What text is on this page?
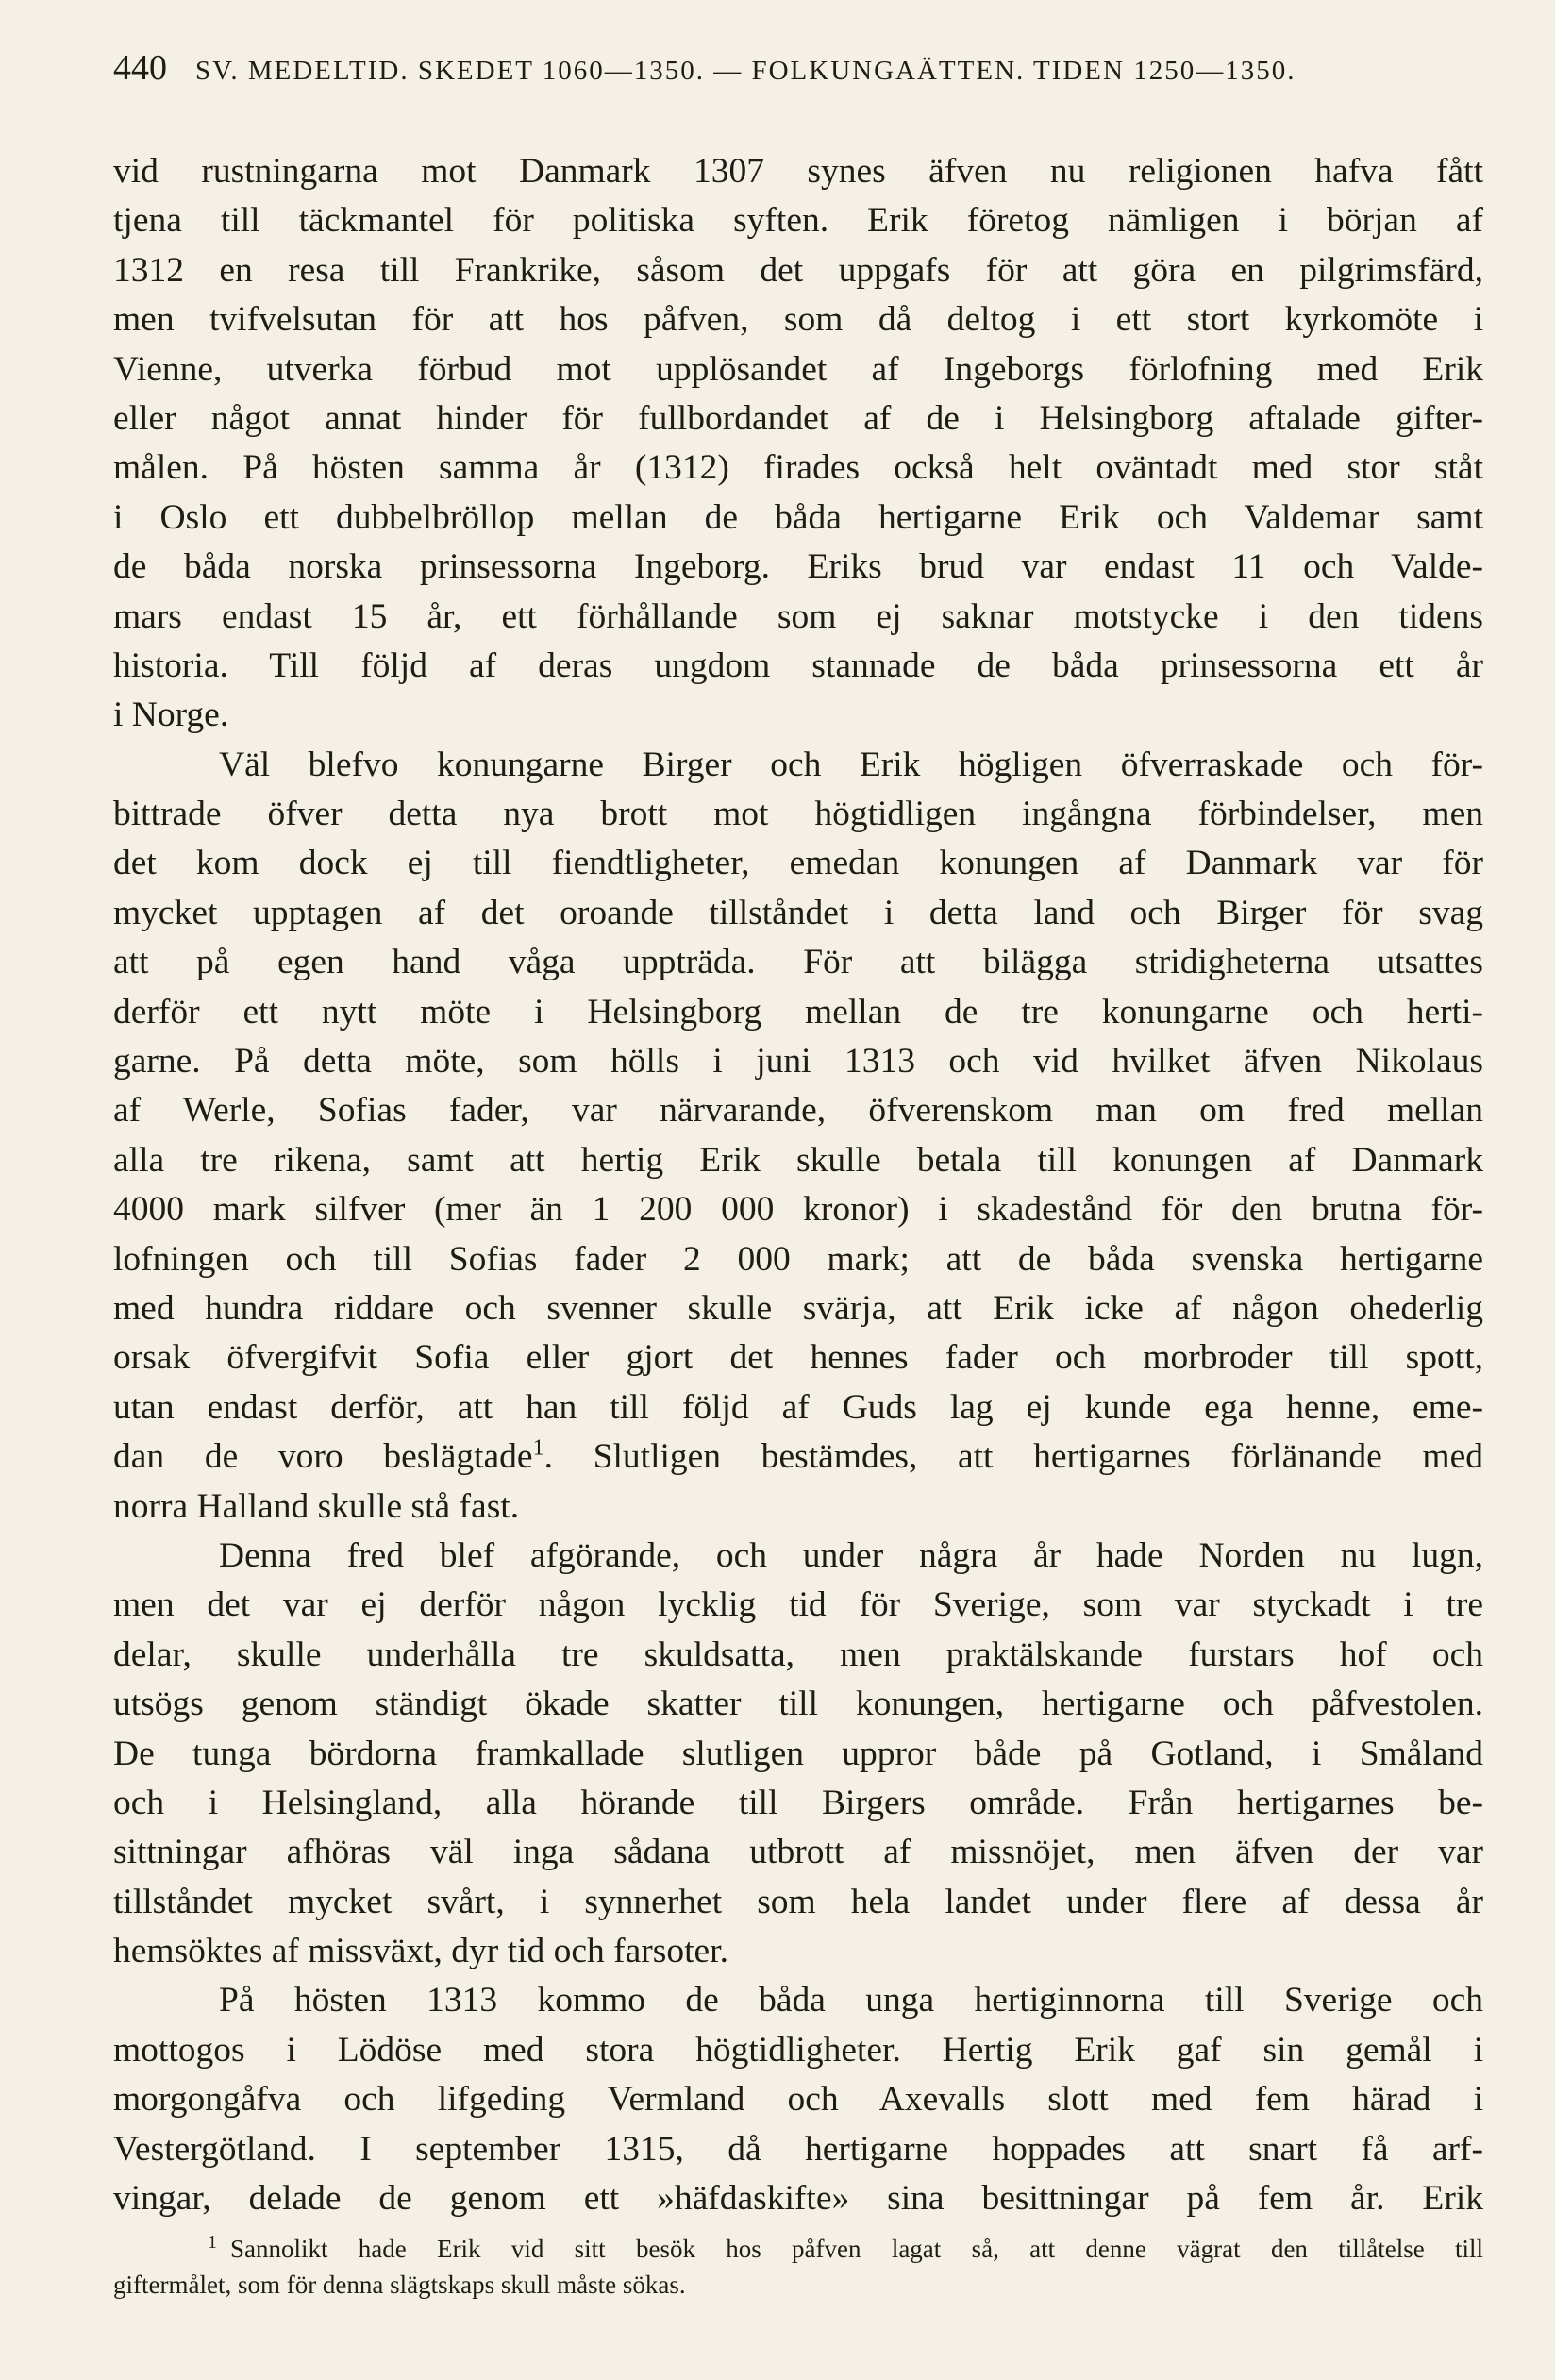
440 SV. MEDELTID. SKEDET 1060—1350. — FOLKUNGAÄTTEN. TIDEN 1250—1350.
vid rustningarna mot Danmark 1307 synes äfven nu religionen hafva fått
tjena till täckmantel för politiska syften. Erik företog nämligen i början af
1312 en resa till Frankrike, såsom det uppgafs för att göra en pilgrimsfärd,
men tvifvelsutan för att hos påfven, som då deltog i ett stort kyrkomöte i
Vienne, utverka förbud mot upplösandet af Ingeborgs förlofning med Erik
eller något annat hinder för fullbordandet af de i Helsingborg aftalade gifter-
målen. På hösten samma år (1312) firades också helt oväntadt med stor ståt
i Oslo ett dubbelbröllop mellan de båda hertigarne Erik och Valdemar samt
de båda norska prinsessorna Ingeborg. Eriks brud var endast 11 och Valde-
mars endast 15 år, ett förhållande som ej saknar motstycke i den tidens
historia. Till följd af deras ungdom stannade de båda prinsessorna ett år
i Norge.
Väl blefvo konungarne Birger och Erik högligen öfverraskade och för-
bittrade öfver detta nya brott mot högtidligen ingångna förbindelser, men
det kom dock ej till fiendtligheter, emedan konungen af Danmark var för
mycket upptagen af det oroande tillståndet i detta land och Birger för svag
att på egen hand våga uppträda. För att bilägga stridigheterna utsattes
derför ett nytt möte i Helsingborg mellan de tre konungarne och herti-
garne. På detta möte, som hölls i juni 1313 och vid hvilket äfven Nikolaus
af Werle, Sofias fader, var närvarande, öfverenskom man om fred mellan
alla tre rikena, samt att hertig Erik skulle betala till konungen af Danmark
4000 mark silfver (mer än 1 200 000 kronor) i skadestånd för den brutna för-
lofningen och till Sofias fader 2 000 mark; att de båda svenska hertigarne
med hundra riddare och svenner skulle svärja, att Erik icke af någon ohederlig
orsak öfvergifvit Sofia eller gjort det hennes fader och morbroder till spott,
utan endast derför, att han till följd af Guds lag ej kunde ega henne, eme-
dan de voro beslägtade$^1$. Slutligen bestämdes, att hertigarnes förlänande med
norra Halland skulle stå fast.
Denna fred blef afgörande, och under några år hade Norden nu lugn,
men det var ej derför någon lycklig tid för Sverige, som var styckadt i tre
delar, skulle underhålla tre skuldsatta, men praktälskande furstars hof och
utsögs genom ständigt ökade skatter till konungen, hertigarne och påfvestolen.
De tunga bördorna framkallade slutligen uppror både på Gotland, i Småland
och i Helsingland, alla hörande till Birgers område. Från hertigarnes be-
sittningar afhöras väl inga sådana utbrott af missnöjet, men äfven der var
tillståndet mycket svårt, i synnerhet som hela landet under flere af dessa år
hemsöktes af missväxt, dyr tid och farsoter.
På hösten 1313 kommo de båda unga hertiginnorna till Sverige och
mottogos i Lödöse med stora högtidligheter. Hertig Erik gaf sin gemål i
morgongåfva och lifgeding Vermland och Axevalls slott med fem härad i
Vestergötland. I september 1315, då hertigarne hoppades att snart få arf-
vingar, delade de genom ett »häfdaskifte» sina besittningar på fem år. Erik
$^1$ Sannolikt hade Erik vid sitt besök hos påfven lagat så, att denne vägrat den tillåtelse till
giftermålet, som för denna slägtskaps skull måste sökas.
